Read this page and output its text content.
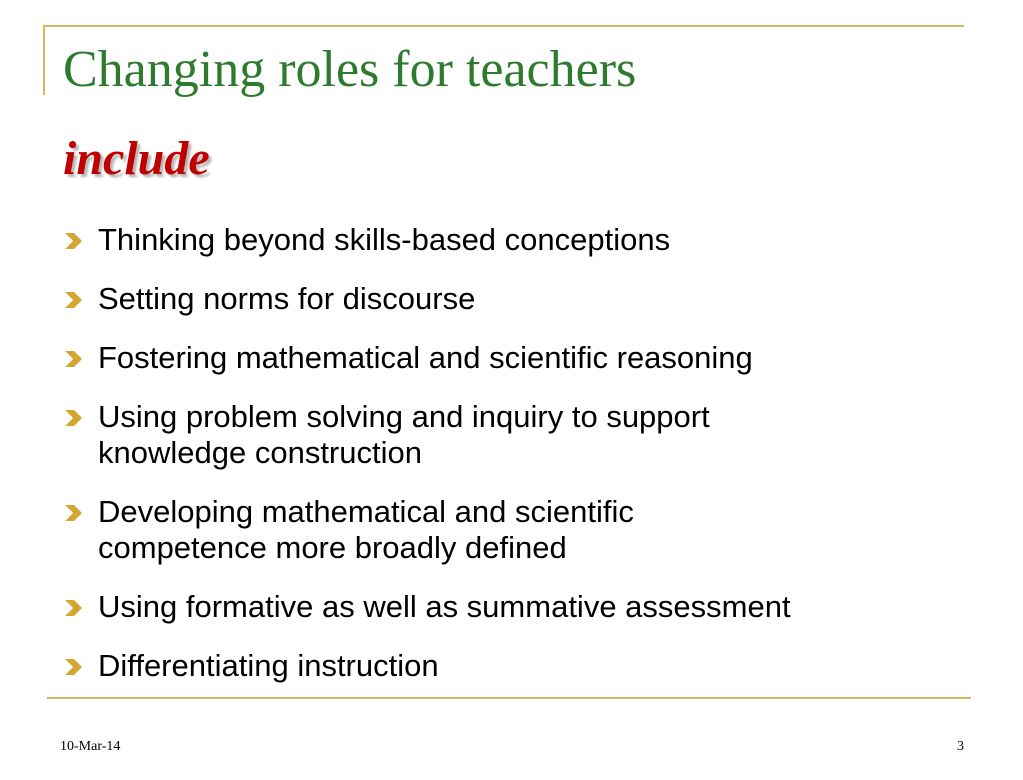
Changing roles for teachers
include
Thinking beyond skills-based conceptions
Setting norms for discourse
Fostering mathematical and scientific reasoning
Using problem solving and inquiry to support
knowledge construction
Developing mathematical and scientific
competence more broadly defined
Using formative as well as summative assessment
Differentiating instruction
10-Mar-14	3
